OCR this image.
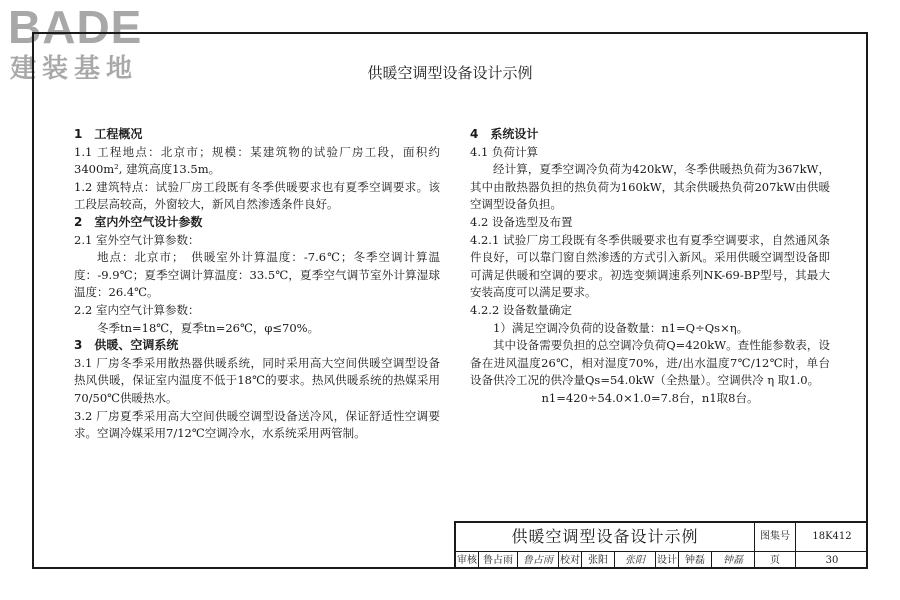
BADE
建装基地	供暖空调型设备设计示例
1　工程概况
1.1 工程地点：北京市；规模：某建筑物的试验厂房工段，面积约3400m², 建筑高度13.5m。
1.2 建筑特点：试验厂房工段既有冬季供暖要求也有夏季空调要求。该工段层高较高，外窗较大，新风自然渗透条件良好。
2　室内外空气设计参数
2.1 室外空气计算参数：
地点：北京市；　供暖室外计算温度：-7.6℃；冬季空调计算温度：-9.9℃；夏季空调计算温度：33.5℃，夏季空气调节室外计算湿球温度：26.4℃。
2.2 室内空气计算参数：
冬季tn=18℃，夏季tn=26℃，φ≤70%。
3　供暖、空调系统
3.1 厂房冬季采用散热器供暖系统，同时采用高大空间供暖空调型设备热风供暖，保证室内温度不低于18℃的要求。热风供暖系统的热媒采用70/50℃供暖热水。
3.2 厂房夏季采用高大空间供暖空调型设备送冷风，保证舒适性空调要求。空调冷媒采用7/12℃空调冷水，水系统采用两管制。
4　系统设计
4.1 负荷计算
经计算，夏季空调冷负荷为420kW，冬季供暖热负荷为367kW，其中由散热器负担的热负荷为160kW，其余供暖热负荷207kW由供暖空调型设备负担。
4.2 设备选型及布置
4.2.1 试验厂房工段既有冬季供暖要求也有夏季空调要求，自然通风条件良好，可以靠门窗自然渗透的方式引入新风。采用供暖空调型设备即可满足供暖和空调的要求。初选变频调速系列NK-69-BP型号，其最大安装高度可以满足要求。
4.2.2 设备数量确定
1）满足空调冷负荷的设备数量：n1=Q÷Qs×η。
其中设备需要负担的总空调冷负荷Q=420kW。查性能参数表，设备在进风温度26℃，相对湿度70%，进/出水温度7℃/12℃时，单台设备供冷工况的供冷量Qs=54.0kW（全热量）。空调供冷 η 取1.0。
n1=420÷54.0×1.0=7.8台，n1取8台。
供暖空调型设备设计示例	图集号	18K412
审核 鲁占雨	鲁占雨 校对 张阳	张阳	设计 钟磊	钟磊	页	30
